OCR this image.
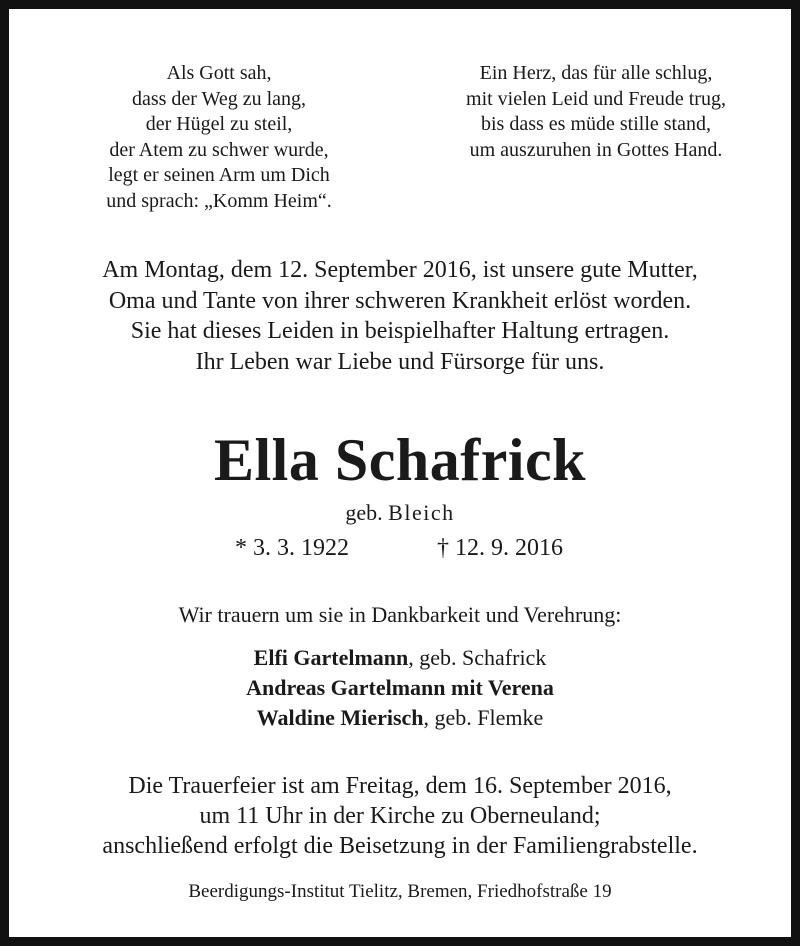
Als Gott sah,
dass der Weg zu lang,
der Hügel zu steil,
der Atem zu schwer wurde,
legt er seinen Arm um Dich
und sprach: „Komm Heim“.
Ein Herz, das für alle schlug,
mit vielen Leid und Freude trug,
bis dass es müde stille stand,
um auszuruhen in Gottes Hand.
Am Montag, dem 12. September 2016, ist unsere gute Mutter,
Oma und Tante von ihrer schweren Krankheit erlöst worden.
Sie hat dieses Leiden in beispielhafter Haltung ertragen.
Ihr Leben war Liebe und Fürsorge für uns.
Ella Schafrick
geb. Bleich
* 3. 3. 1922	† 12. 9. 2016
Wir trauern um sie in Dankbarkeit und Verehrung:
Elfi Gartelmann, geb. Schafrick
Andreas Gartelmann mit Verena
Waldine Mierisch, geb. Flemke
Die Trauerfeier ist am Freitag, dem 16. September 2016,
um 11 Uhr in der Kirche zu Oberneuland;
anschließend erfolgt die Beisetzung in der Familiengrabstelle.
Beerdigungs-Institut Tielitz, Bremen, Friedhofstraße 19
